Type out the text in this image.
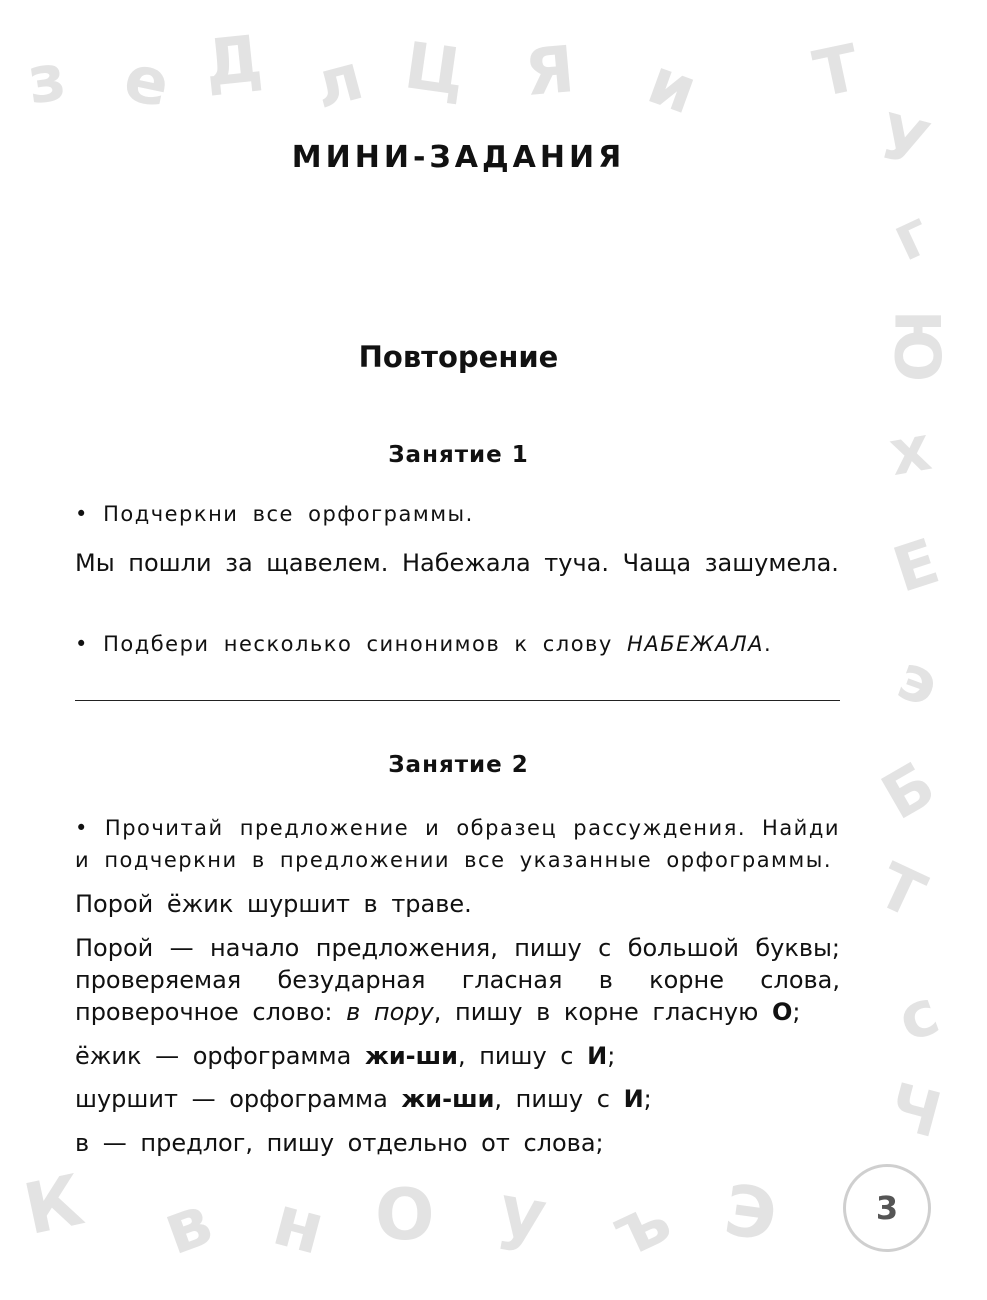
з e Д л Ц Я и Т
У
г
Ю
х
Е
э
Б
Т
с
Ч
К в н О у ъ Э
МИНИ-ЗАДАНИЯ
Повторение
Занятие 1
• Подчеркни все орфограммы.
Мы пошли за щавелем. Набежала туча. Чаща зашумела.
• Подбери несколько синонимов к слову НАБЕЖАЛА.
Занятие 2
• Прочитай предложение и образец рассуждения. Найди и подчеркни в предложении все указанные орфограммы.
Порой ёжик шуршит в траве.
Порой — начало предложения, пишу с большой буквы; проверяемая безударная гласная в корне слова, проверочное слово: в пору, пишу в корне гласную О;
ёжик — орфограмма жи-ши, пишу с И;
шуршит — орфограмма жи-ши, пишу с И;
в — предлог, пишу отдельно от слова;
3
